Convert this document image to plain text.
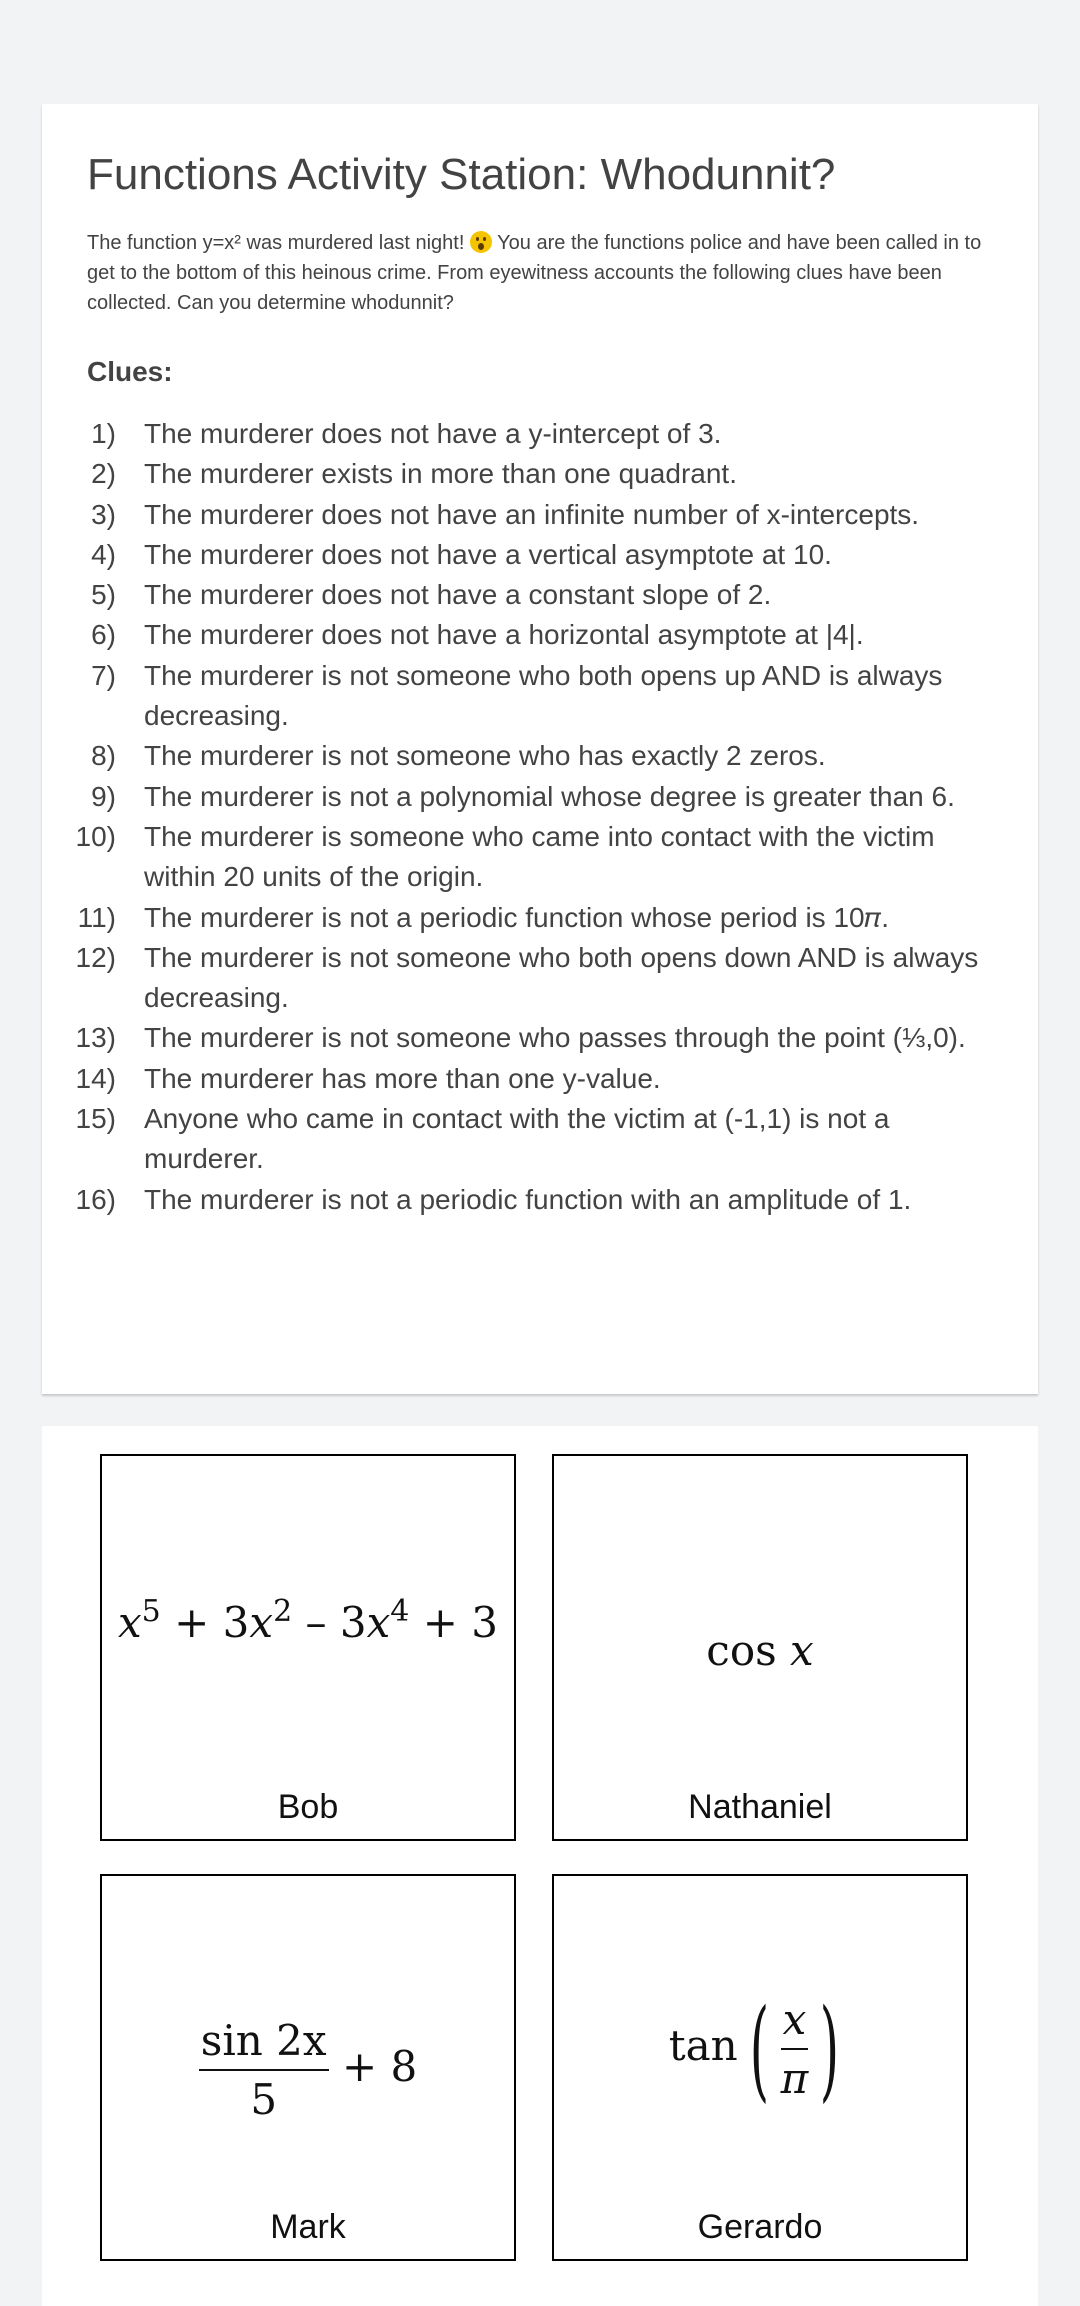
Functions Activity Station: Whodunnit?

The function y=x² was murdered last night! You are the functions police and have been called in to get to the bottom of this heinous crime. From eyewitness accounts the following clues have been collected. Can you determine whodunnit?

Clues:
1) The murderer does not have a y-intercept of 3.
2) The murderer exists in more than one quadrant.
3) The murderer does not have an infinite number of x-intercepts.
4) The murderer does not have a vertical asymptote at 10.
5) The murderer does not have a constant slope of 2.
6) The murderer does not have a horizontal asymptote at |4|.
7) The murderer is not someone who both opens up AND is always decreasing.
8) The murderer is not someone who has exactly 2 zeros.
9) The murderer is not a polynomial whose degree is greater than 6.
10) The murderer is someone who came into contact with the victim within 20 units of the origin.
11) The murderer is not a periodic function whose period is 10𝜋.
12) The murderer is not someone who both opens down AND is always decreasing.
13) The murderer is not someone who passes through the point (⅓,0).
14) The murderer has more than one y-value.
15) Anyone who came in contact with the victim at (-1,1) is not a murderer.
16) The murderer is not a periodic function with an amplitude of 1.
$x^5 + 3x^2 - 3x^4 + 3$
Bob
cos x
Nathaniel
$\frac{\sin 2x}{5} + 8$
Mark
tan ( $\frac{x}{\pi}$ )
Gerardo
